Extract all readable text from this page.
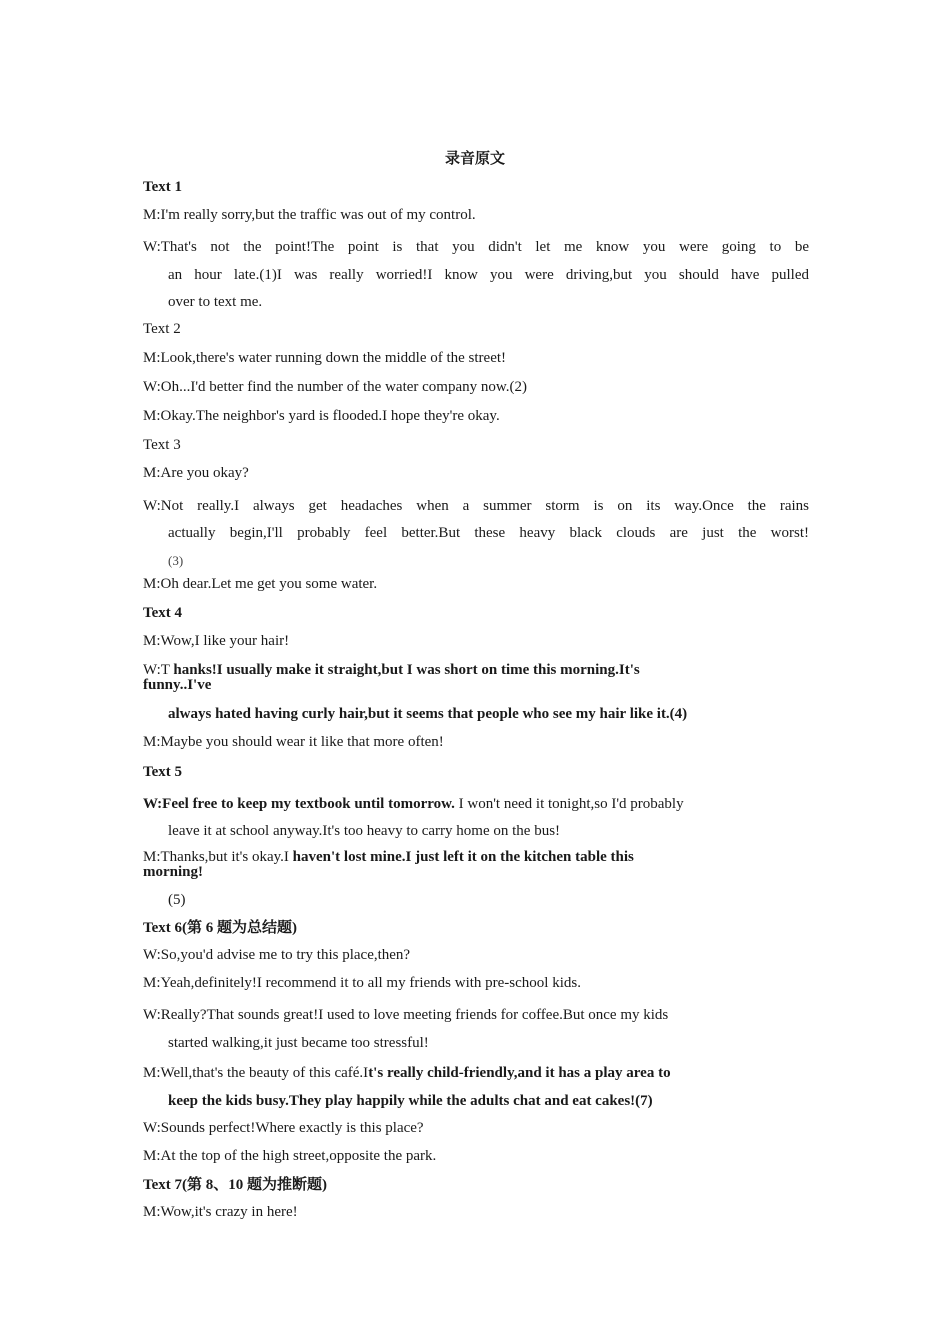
录音原文
Text 1
M:I'm really sorry,but the traffic was out of my control.
W:That's not the point!The point is that you didn't let me know you were going to be
an hour late.(1)I was really worried!I know you were driving,but you should have pulled
over to text me.
Text 2
M:Look,there's water running down the middle of the street!
W:Oh...I'd better find the number of the water company now.(2)
M:Okay.The neighbor's yard is flooded.I hope they're okay.
Text 3
M:Are you okay?
W:Not really.I always get headaches when a summer storm is on its way.Once the rains
actually begin,I'll probably feel better.But these heavy black clouds are just the worst!
(3)
M:Oh dear.Let me get you some water.
Text 4
M:Wow,I like your hair!
W:T hanks!I usually make it straight,but I was short on time this morning.It's
funny..I've
always hated having curly hair,but it seems that people who see my hair like it.(4)
M:Maybe you should wear it like that more often!
Text 5
W:Feel free to keep my textbook until tomorrow. I won't need it tonight,so I'd probably
leave it at school anyway.It's too heavy to carry home on the bus!
M:Thanks,but it's okay.I haven't lost mine.I just left it on the kitchen table this
morning!
(5)
Text 6(第 6 题为总结题)
W:So,you'd advise me to try this place,then?
M:Yeah,definitely!I recommend it to all my friends with pre-school kids.
W:Really?That sounds great!I used to love meeting friends for coffee.But once my kids
started walking,it just became too stressful!
M:Well,that's the beauty of this café.It's really child-friendly,and it has a play area to
keep the kids busy.They play happily while the adults chat and eat cakes!(7)
W:Sounds perfect!Where exactly is this place?
M:At the top of the high street,opposite the park.
Text 7(第 8、10 题为推断题)
M:Wow,it's crazy in here!
